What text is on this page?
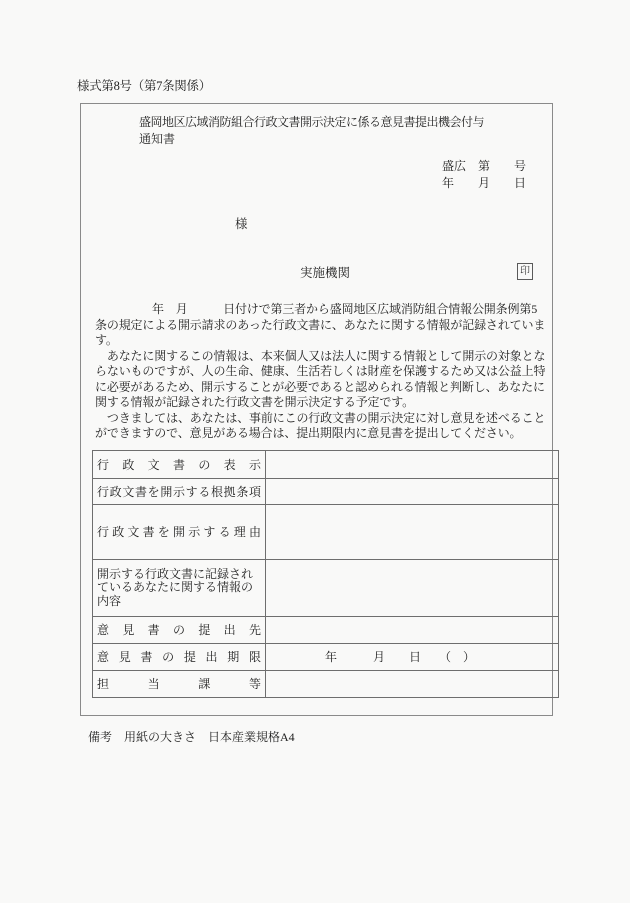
様式第8号（第7条関係）
盛岡地区広域消防組合行政文書開示決定に係る意見書提出機会付与
通知書
盛広　第　　号
年　　月　　日
様
実施機関	印
年　月　　　日付けで第三者から盛岡地区広域消防組合情報公開条例第5
条の規定による開示請求のあった行政文書に、あなたに関する情報が記録されていま
す。
　あなたに関するこの情報は、本来個人又は法人に関する情報として開示の対象とな
らないものですが、人の生命、健康、生活若しくは財産を保護するため又は公益上特
に必要があるため、開示することが必要であると認められる情報と判断し、あなたに
関する情報が記録された行政文書を開示決定する予定です。
　つきましては、あなたは、事前にこの行政文書の開示決定に対し意見を述べること
ができますので、意見がある場合は、提出期限内に意見書を提出してください。
行政文書の表示	
行政文書を開示する根拠条項	
行政文書を開示する理由	
開示する行政文書に記録されているあなたに関する情報の内容	
意見書の提出先	
意見書の提出期限	年　　　月　　日　　（　）
担当課等	
備考　用紙の大きさ　日本産業規格A4
